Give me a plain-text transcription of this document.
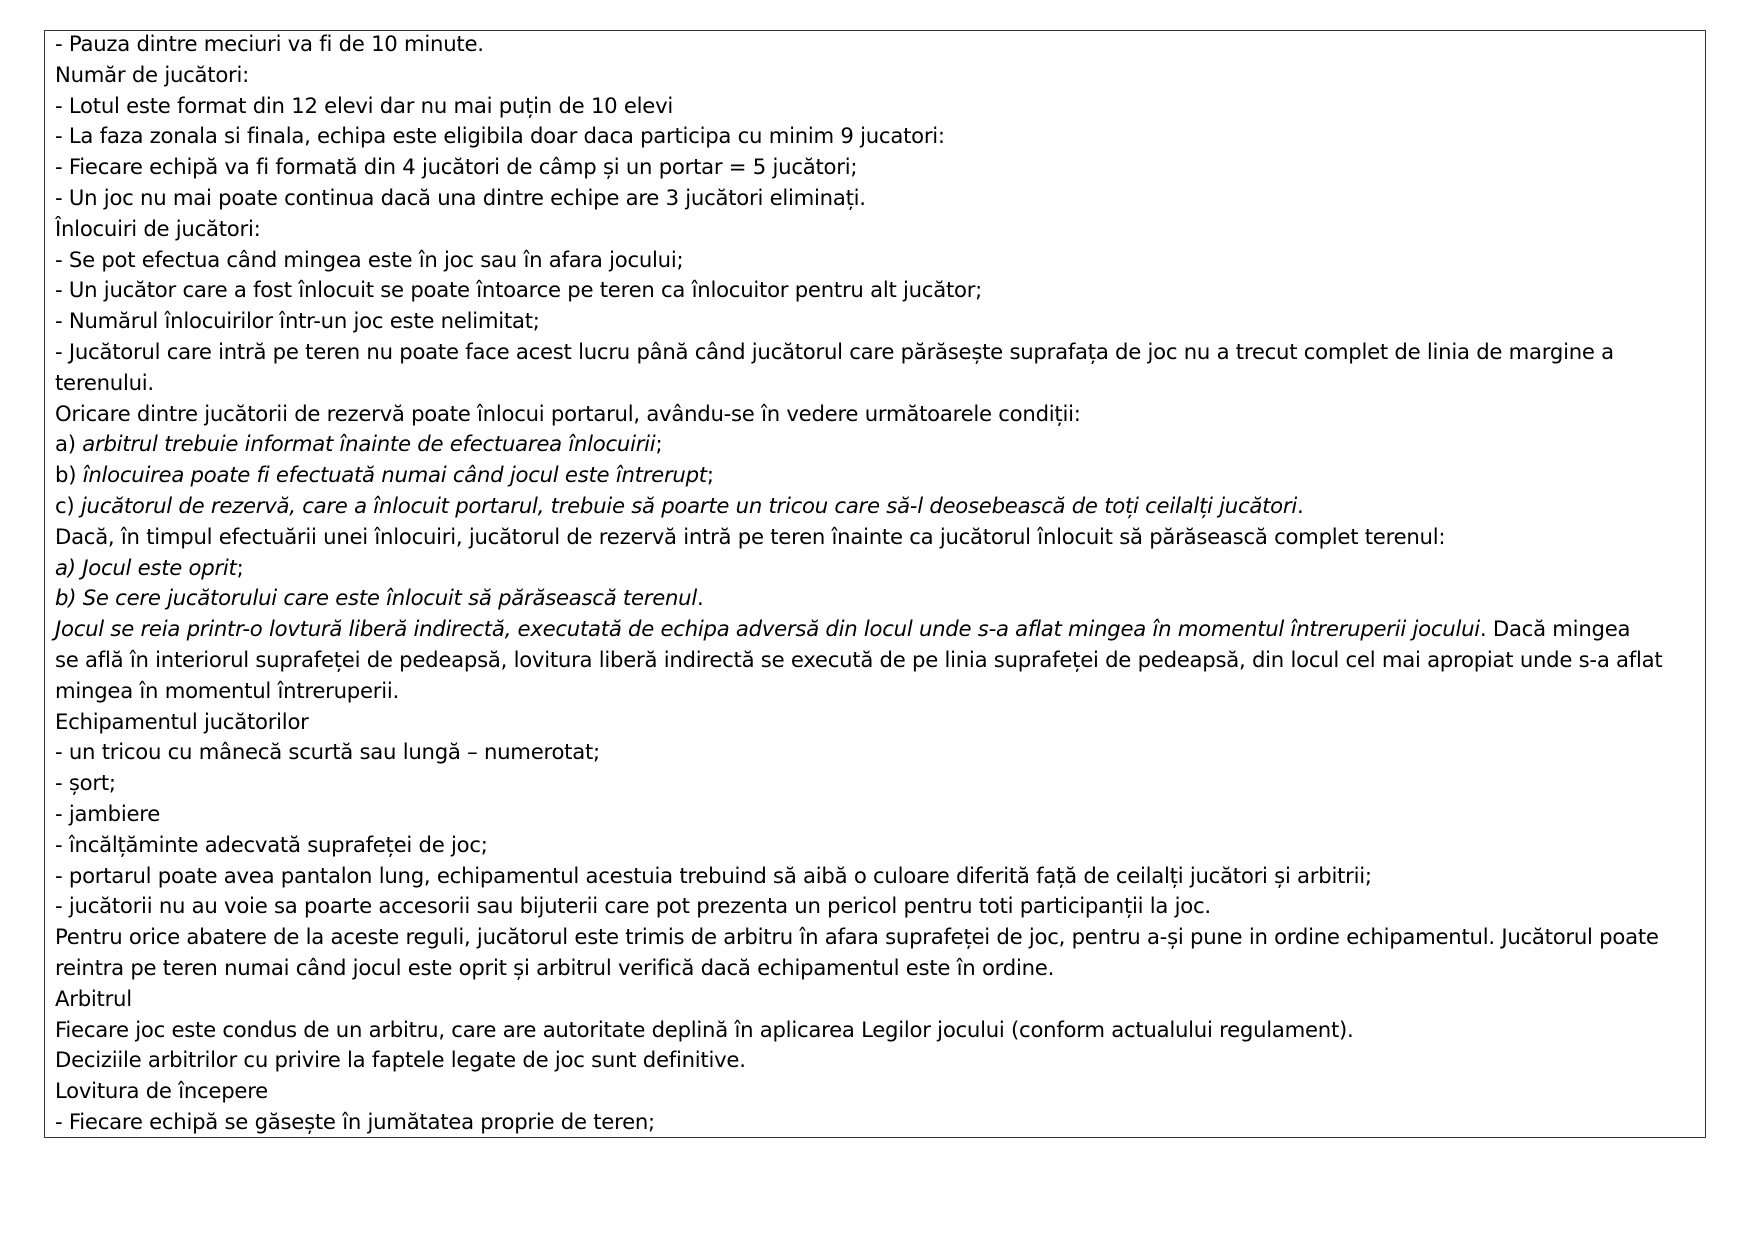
- Pauza dintre meciuri va fi de 10 minute.
Număr de jucători:
- Lotul este format din 12 elevi dar nu mai puțin de 10 elevi
- La faza zonala si finala, echipa este eligibila doar daca participa cu minim 9 jucatori:
- Fiecare echipă va fi formată din 4 jucători de câmp și un portar = 5 jucători;
- Un joc nu mai poate continua dacă una dintre echipe are 3 jucători eliminați.
Înlocuiri de jucători:
- Se pot efectua când mingea este în joc sau în afara jocului;
- Un jucător care a fost înlocuit se poate întoarce pe teren ca înlocuitor pentru alt jucător;
- Numărul înlocuirilor într-un joc este nelimitat;
- Jucătorul care intră pe teren nu poate face acest lucru până când jucătorul care părăsește suprafața de joc nu a trecut complet de linia de margine a
terenului.
Oricare dintre jucătorii de rezervă poate înlocui portarul, avându-se în vedere următoarele condiții:
a) arbitrul trebuie informat înainte de efectuarea înlocuirii;
b) înlocuirea poate fi efectuată numai când jocul este întrerupt;
c) jucătorul de rezervă, care a înlocuit portarul, trebuie să poarte un tricou care să-l deosebească de toți ceilalți jucători.
Dacă, în timpul efectuării unei înlocuiri, jucătorul de rezervă intră pe teren înainte ca jucătorul înlocuit să părăsească complet terenul:
a) Jocul este oprit;
b) Se cere jucătorului care este înlocuit să părăsească terenul.
Jocul se reia printr-o lovtură liberă indirectă, executată de echipa adversă din locul unde s-a aflat mingea în momentul întreruperii jocului. Dacă mingea
se află în interiorul suprafeței de pedeapsă, lovitura liberă indirectă se execută de pe linia suprafeței de pedeapsă, din locul cel mai apropiat unde s-a aflat
mingea în momentul întreruperii.
Echipamentul jucătorilor
- un tricou cu mânecă scurtă sau lungă – numerotat;
- șort;
- jambiere
- încălțăminte adecvată suprafeței de joc;
- portarul poate avea pantalon lung, echipamentul acestuia trebuind să aibă o culoare diferită față de ceilalți jucători și arbitrii;
- jucătorii nu au voie sa poarte accesorii sau bijuterii care pot prezenta un pericol pentru toti participanții la joc.
Pentru orice abatere de la aceste reguli, jucătorul este trimis de arbitru în afara suprafeței de joc, pentru a-și pune in ordine echipamentul. Jucătorul poate
reintra pe teren numai când jocul este oprit și arbitrul verifică dacă echipamentul este în ordine.
Arbitrul
Fiecare joc este condus de un arbitru, care are autoritate deplină în aplicarea Legilor jocului (conform actualului regulament).
Deciziile arbitrilor cu privire la faptele legate de joc sunt definitive.
Lovitura de începere
- Fiecare echipă se găsește în jumătatea proprie de teren;
